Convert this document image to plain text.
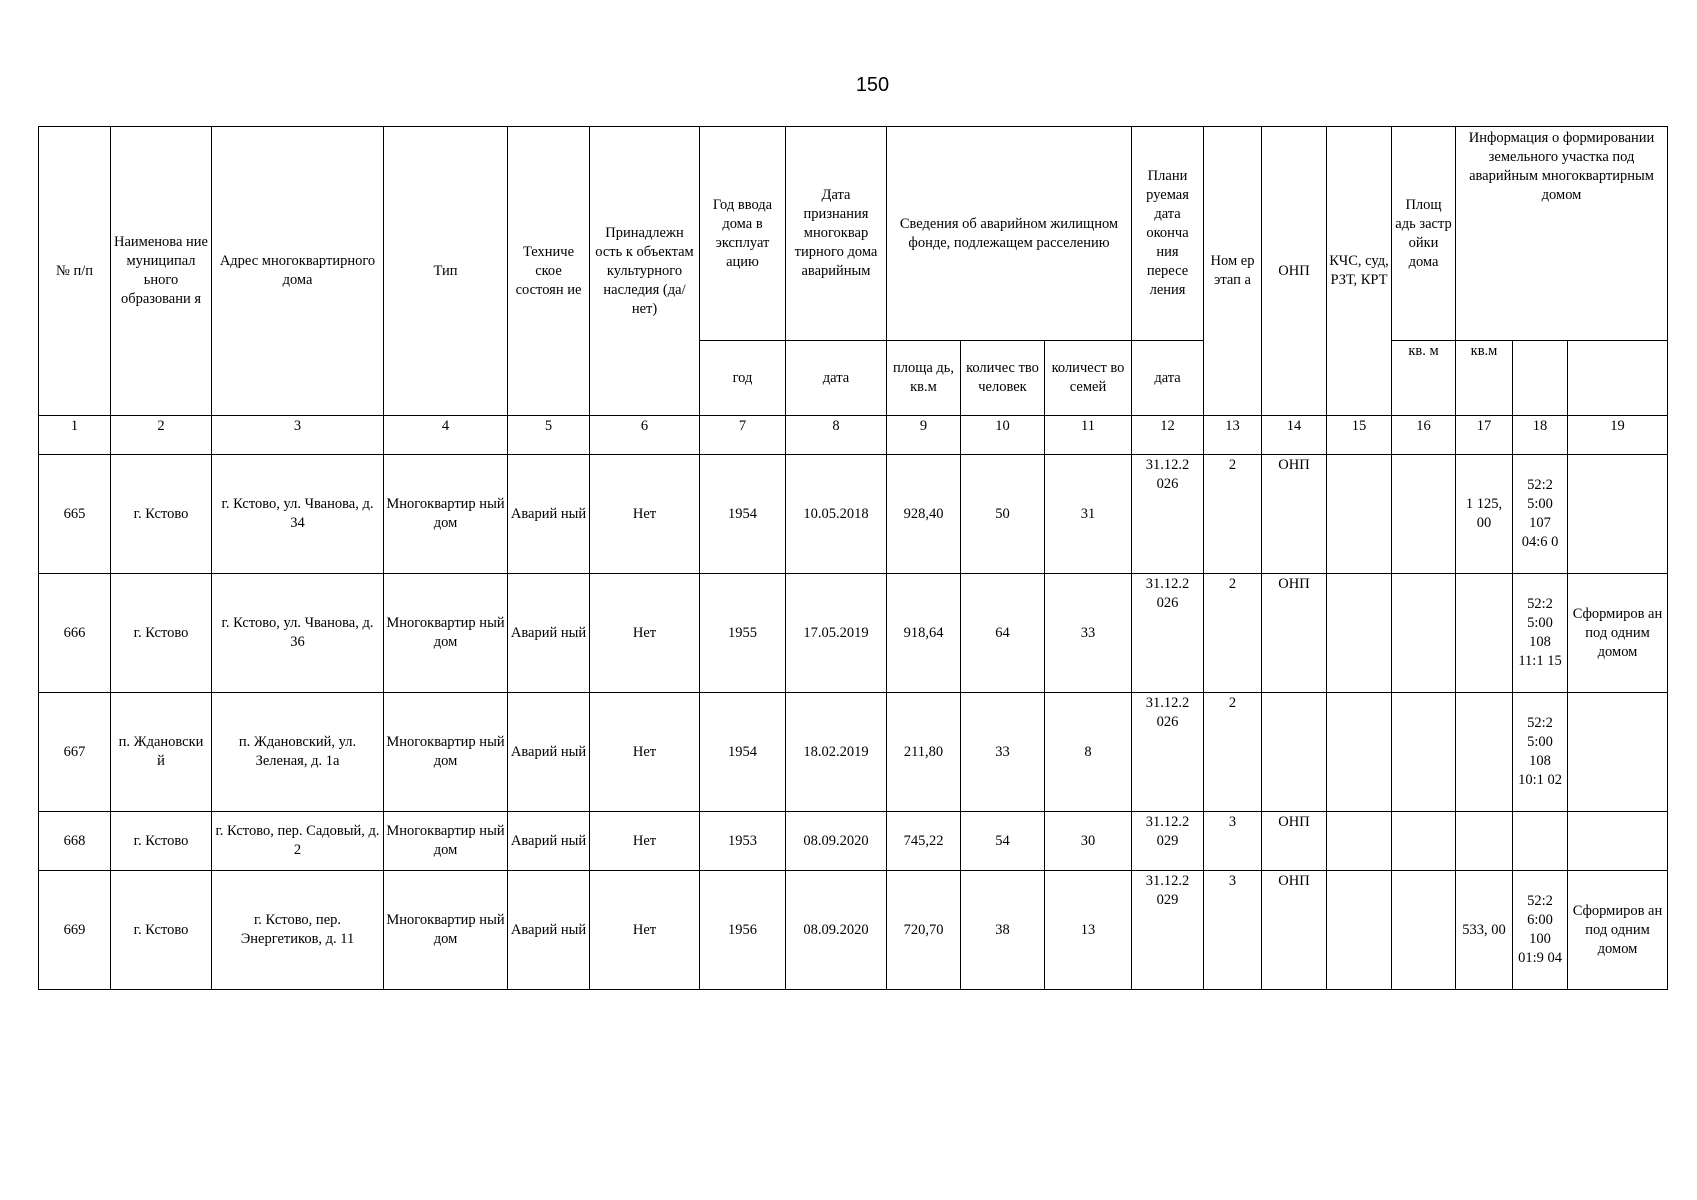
150
№ п/п	Наименова ние муниципал ьного образовани я	Адрес многоквартирного дома	Тип	Техниче ское состоян ие	Принадлежн ость к объектам культурного наследия (да/нет)	Год ввода дома в эксплуат ацию	Дата признания многоквар тирного дома аварийным	Сведения об аварийном жилищном фонде, подлежащем расселению			Плани руемая дата оконча ния пересе ления	Ном ер этап а	ОНП	КЧС, суд, РЗТ, КРТ	Площ адь застр ойки дома	Информация о формировании земельного участка под аварийным многоквартирным домом		

						год	дата	площа дь, кв.м	количес тво человек	количест во семей	дата				кв. м	кв.м		
1	2	3	4	5	6	7	8	9	10	11	12	13	14	15	16	17	18	19
665	г. Кстово	г. Кстово, ул. Чванова, д. 34	Многоквартир ный дом	Аварий ный	Нет	1954	10.05.2018	928,40	50	31	31.12.2 026	2	ОНП			1 125, 00	52:2 5:00 107 04:6 0	
666	г. Кстово	г. Кстово, ул. Чванова, д. 36	Многоквартир ный дом	Аварий ный	Нет	1955	17.05.2019	918,64	64	33	31.12.2 026	2	ОНП				52:2 5:00 108 11:1 15	Сформиров ан под одним домом
667	п. Ждановски й	п. Ждановский, ул. Зеленая, д. 1а	Многоквартир ный дом	Аварий ный	Нет	1954	18.02.2019	211,80	33	8	31.12.2 026	2					52:2 5:00 108 10:1 02	
668	г. Кстово	г. Кстово, пер. Садовый, д. 2	Многоквартир ный дом	Аварий ный	Нет	1953	08.09.2020	745,22	54	30	31.12.2 029	3	ОНП					
669	г. Кстово	г. Кстово, пер. Энергетиков, д. 11	Многоквартир ный дом	Аварий ный	Нет	1956	08.09.2020	720,70	38	13	31.12.2 029	3	ОНП			533, 00	52:2 6:00 100 01:9 04	Сформиров ан под одним домом
